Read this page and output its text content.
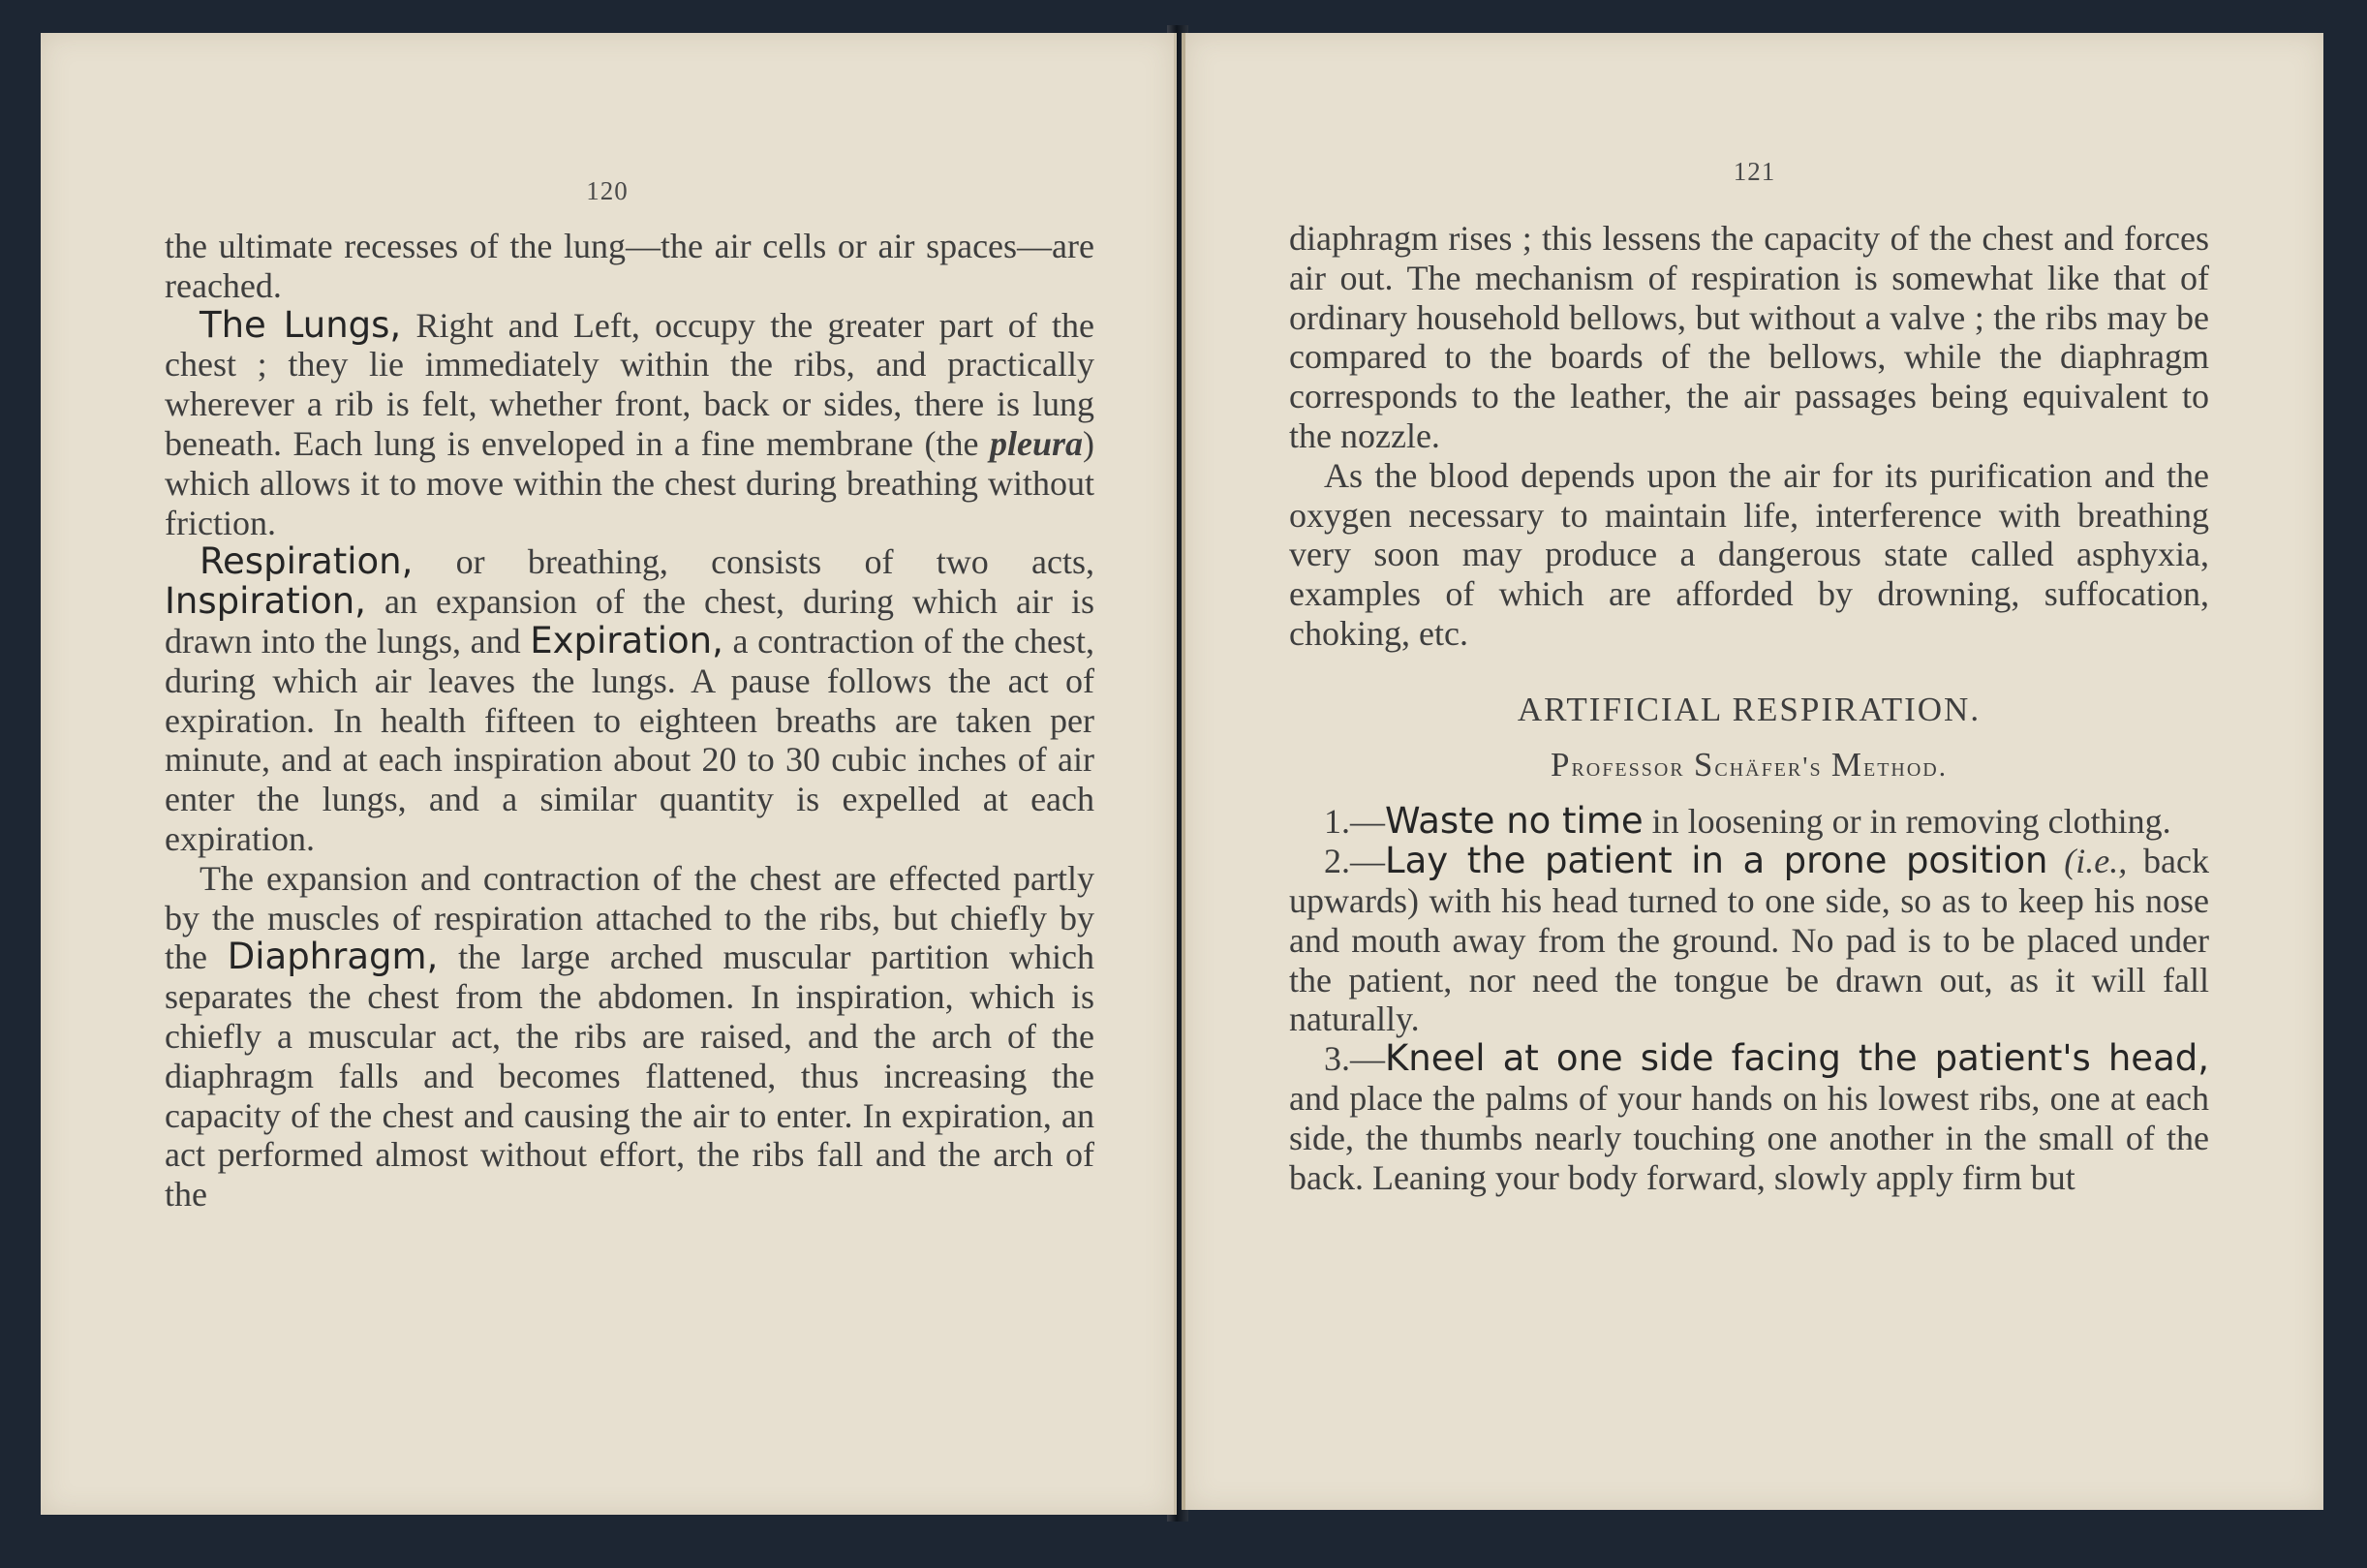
120

the ultimate recesses of the lung—the air cells or air spaces—are reached.

The Lungs, Right and Left, occupy the greater part of the chest ; they lie immediately within the ribs, and practically wherever a rib is felt, whether front, back or sides, there is lung beneath. Each lung is enveloped in a fine membrane (the pleura) which allows it to move within the chest during breathing without friction.

Respiration, or breathing, consists of two acts, Inspiration, an expansion of the chest, during which air is drawn into the lungs, and Expiration, a contraction of the chest, during which air leaves the lungs. A pause follows the act of expiration. In health fifteen to eighteen breaths are taken per minute, and at each inspiration about 20 to 30 cubic inches of air enter the lungs, and a similar quantity is expelled at each expiration.

The expansion and contraction of the chest are effected partly by the muscles of respiration attached to the ribs, but chiefly by the Diaphragm, the large arched muscular partition which separates the chest from the abdomen. In inspiration, which is chiefly a muscular act, the ribs are raised, and the arch of the diaphragm falls and becomes flattened, thus increasing the capacity of the chest and causing the air to enter. In expiration, an act performed almost without effort, the ribs fall and the arch of the

121

diaphragm rises ; this lessens the capacity of the chest and forces air out. The mechanism of respiration is somewhat like that of ordinary household bellows, but without a valve ; the ribs may be compared to the boards of the bellows, while the diaphragm corresponds to the leather, the air passages being equivalent to the nozzle.

As the blood depends upon the air for its purification and the oxygen necessary to maintain life, interference with breathing very soon may produce a dangerous state called asphyxia, examples of which are afforded by drowning, suffocation, choking, etc.

ARTIFICIAL RESPIRATION.
Professor Schäfer's Method.

1.—Waste no time in loosening or in removing clothing.

2.—Lay the patient in a prone position (i.e., back upwards) with his head turned to one side, so as to keep his nose and mouth away from the ground. No pad is to be placed under the patient, nor need the tongue be drawn out, as it will fall naturally.

3.—Kneel at one side facing the patient's head, and place the palms of your hands on his lowest ribs, one at each side, the thumbs nearly touching one another in the small of the back. Leaning your body forward, slowly apply firm but
